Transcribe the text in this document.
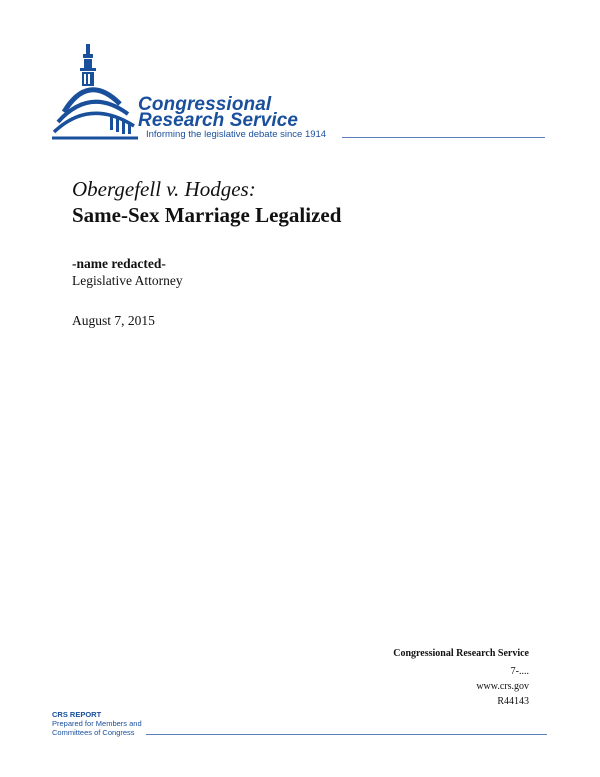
Congressional
Research Service
Informing the legislative debate since 1914
Obergefell v. Hodges:
Same-Sex Marriage Legalized
-name redacted-
Legislative Attorney
August 7, 2015
Congressional Research Service
7-....
www.crs.gov
R44143
CRS REPORT
Prepared for Members and
Committees of Congress
